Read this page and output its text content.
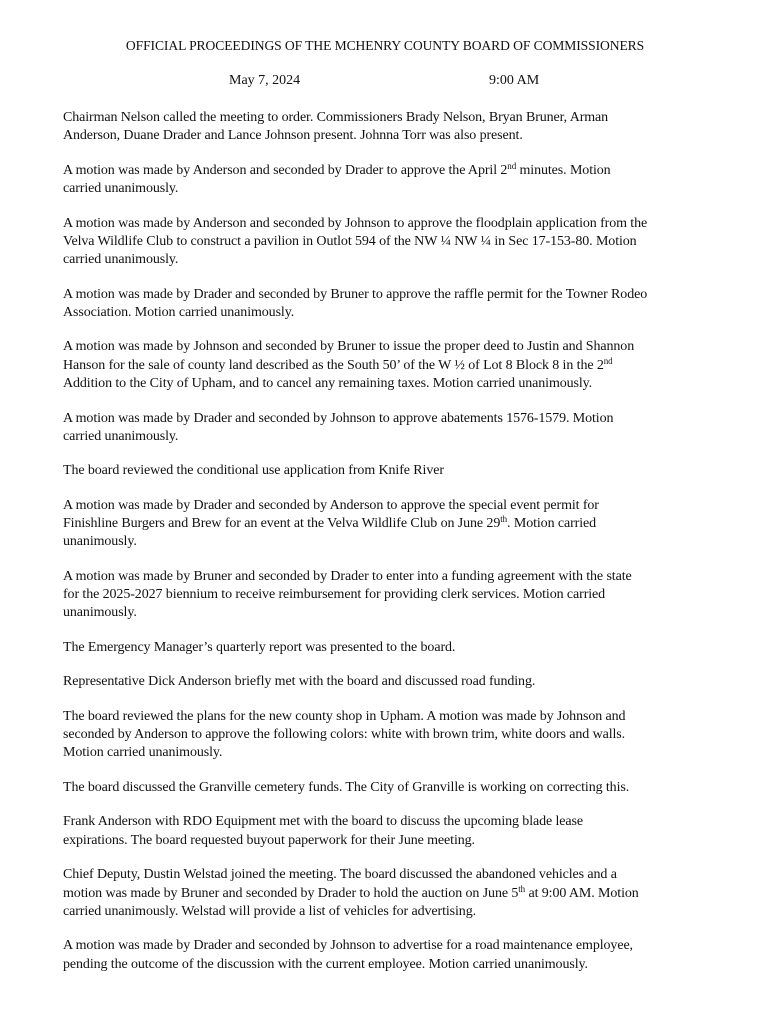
OFFICIAL PROCEEDINGS OF THE MCHENRY COUNTY BOARD OF COMMISSIONERS
May 7, 2024	9:00 AM

Chairman Nelson called the meeting to order. Commissioners Brady Nelson, Bryan Bruner, Arman
Anderson, Duane Drader and Lance Johnson present. Johnna Torr was also present.

A motion was made by Anderson and seconded by Drader to approve the April 2nd minutes. Motion
carried unanimously.

A motion was made by Anderson and seconded by Johnson to approve the floodplain application from the
Velva Wildlife Club to construct a pavilion in Outlot 594 of the NW ¼ NW ¼ in Sec 17-153-80. Motion
carried unanimously.

A motion was made by Drader and seconded by Bruner to approve the raffle permit for the Towner Rodeo
Association. Motion carried unanimously.

A motion was made by Johnson and seconded by Bruner to issue the proper deed to Justin and Shannon
Hanson for the sale of county land described as the South 50’ of the W ½ of Lot 8 Block 8 in the 2nd
Addition to the City of Upham, and to cancel any remaining taxes. Motion carried unanimously.

A motion was made by Drader and seconded by Johnson to approve abatements 1576-1579. Motion
carried unanimously.

The board reviewed the conditional use application from Knife River

A motion was made by Drader and seconded by Anderson to approve the special event permit for
Finishline Burgers and Brew for an event at the Velva Wildlife Club on June 29th. Motion carried
unanimously.

A motion was made by Bruner and seconded by Drader to enter into a funding agreement with the state
for the 2025-2027 biennium to receive reimbursement for providing clerk services. Motion carried
unanimously.

The Emergency Manager’s quarterly report was presented to the board.

Representative Dick Anderson briefly met with the board and discussed road funding.

The board reviewed the plans for the new county shop in Upham. A motion was made by Johnson and
seconded by Anderson to approve the following colors: white with brown trim, white doors and walls.
Motion carried unanimously.

The board discussed the Granville cemetery funds. The City of Granville is working on correcting this.

Frank Anderson with RDO Equipment met with the board to discuss the upcoming blade lease
expirations. The board requested buyout paperwork for their June meeting.

Chief Deputy, Dustin Welstad joined the meeting. The board discussed the abandoned vehicles and a
motion was made by Bruner and seconded by Drader to hold the auction on June 5th at 9:00 AM. Motion
carried unanimously. Welstad will provide a list of vehicles for advertising.

A motion was made by Drader and seconded by Johnson to advertise for a road maintenance employee,
pending the outcome of the discussion with the current employee. Motion carried unanimously.
